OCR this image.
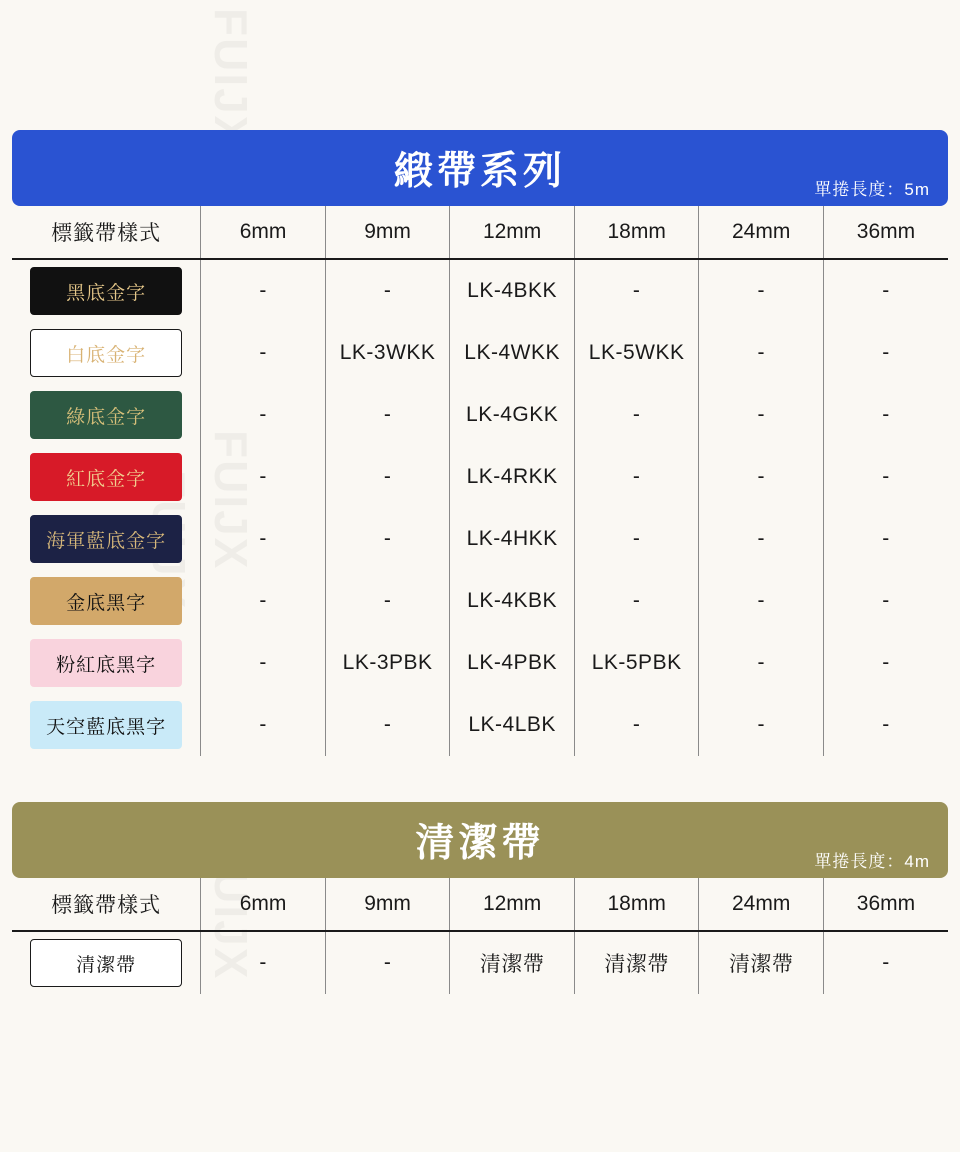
緞帶系列	單捲長度：5m
標籤帶樣式	6mm	9mm	12mm	18mm	24mm	36mm

黑底金字	-	-	LK-4BKK	-	-	-

白底金字	-	LK-3WKK	LK-4WKK	LK-5WKK	-	-

綠底金字	-	-	LK-4GKK	-	-	-

紅底金字	-	-	LK-4RKK	-	-	-

海軍藍底金字	-	-	LK-4HKK	-	-	-

金底黑字	-	-	LK-4KBK	-	-	-

粉紅底黑字	-	LK-3PBK	LK-4PBK	LK-5PBK	-	-

天空藍底黑字	-	-	LK-4LBK	-	-	-
清潔帶	單捲長度：4m
標籤帶樣式	6mm	9mm	12mm	18mm	24mm	36mm

清潔帶	-	-	清潔帶	清潔帶	清潔帶	-
